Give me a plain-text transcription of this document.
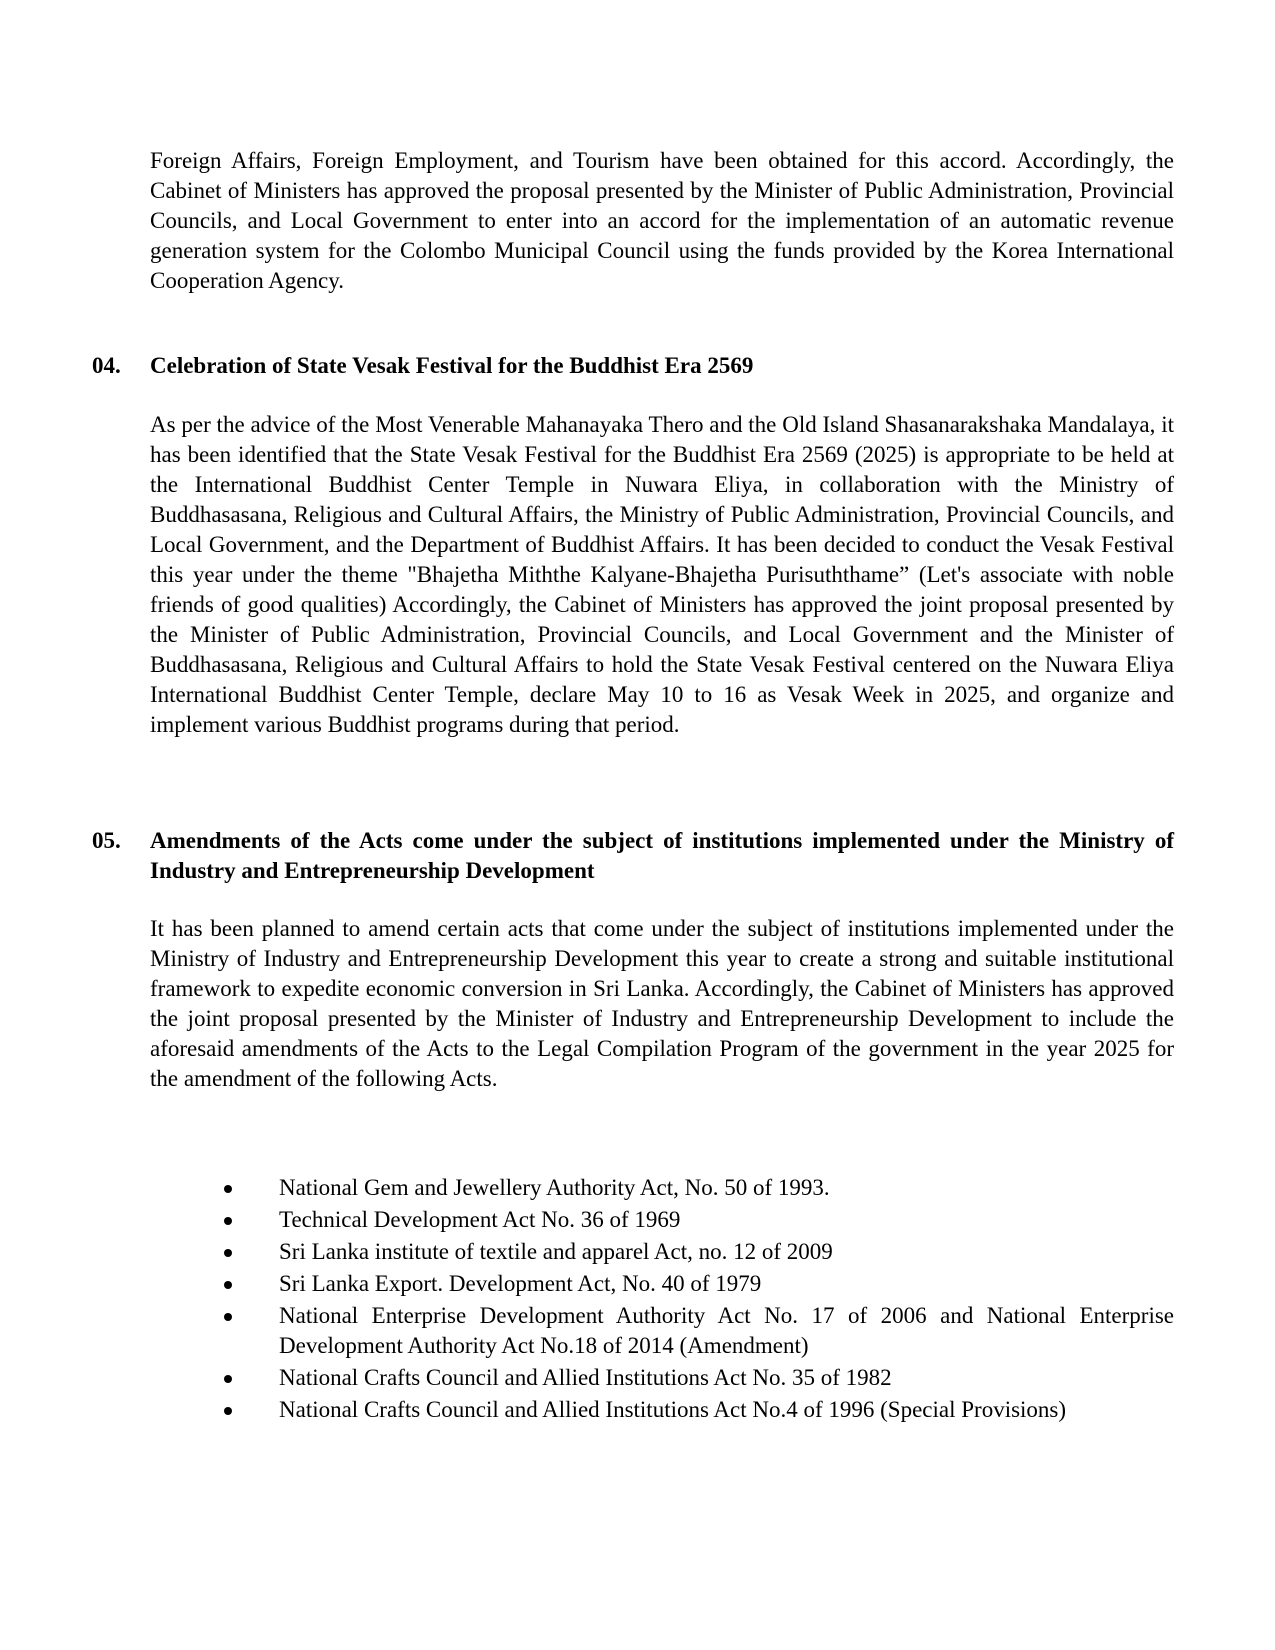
Foreign Affairs, Foreign Employment, and Tourism have been obtained for this accord. Accordingly, the Cabinet of Ministers has approved the proposal presented by the Minister of Public Administration, Provincial Councils, and Local Government to enter into an accord for the implementation of an automatic revenue generation system for the Colombo Municipal Council using the funds provided by the Korea International Cooperation Agency.

04. Celebration of State Vesak Festival for the Buddhist Era 2569

As per the advice of the Most Venerable Mahanayaka Thero and the Old Island Shasanarakshaka Mandalaya, it has been identified that the State Vesak Festival for the Buddhist Era 2569 (2025) is appropriate to be held at the International Buddhist Center Temple in Nuwara Eliya, in collaboration with the Ministry of Buddhasasana, Religious and Cultural Affairs, the Ministry of Public Administration, Provincial Councils, and Local Government, and the Department of Buddhist Affairs. It has been decided to conduct the Vesak Festival this year under the theme "Bhajetha Miththe Kalyane-Bhajetha Purisuththame” (Let's associate with noble friends of good qualities) Accordingly, the Cabinet of Ministers has approved the joint proposal presented by the Minister of Public Administration, Provincial Councils, and Local Government and the Minister of Buddhasasana, Religious and Cultural Affairs to hold the State Vesak Festival centered on the Nuwara Eliya International Buddhist Center Temple, declare May 10 to 16 as Vesak Week in 2025, and organize and implement various Buddhist programs during that period.

05. Amendments of the Acts come under the subject of institutions implemented under the Ministry of Industry and Entrepreneurship Development

It has been planned to amend certain acts that come under the subject of institutions implemented under the Ministry of Industry and Entrepreneurship Development this year to create a strong and suitable institutional framework to expedite economic conversion in Sri Lanka. Accordingly, the Cabinet of Ministers has approved the joint proposal presented by the Minister of Industry and Entrepreneurship Development to include the aforesaid amendments of the Acts to the Legal Compilation Program of the government in the year 2025 for the amendment of the following Acts.

National Gem and Jewellery Authority Act, No. 50 of 1993.
Technical Development Act No. 36 of 1969
Sri Lanka institute of textile and apparel Act, no. 12 of 2009
Sri Lanka Export. Development Act, No. 40 of 1979
National Enterprise Development Authority Act No. 17 of 2006 and National Enterprise Development Authority Act No.18 of 2014 (Amendment)
National Crafts Council and Allied Institutions Act No. 35 of 1982
National Crafts Council and Allied Institutions Act No.4 of 1996 (Special Provisions)
